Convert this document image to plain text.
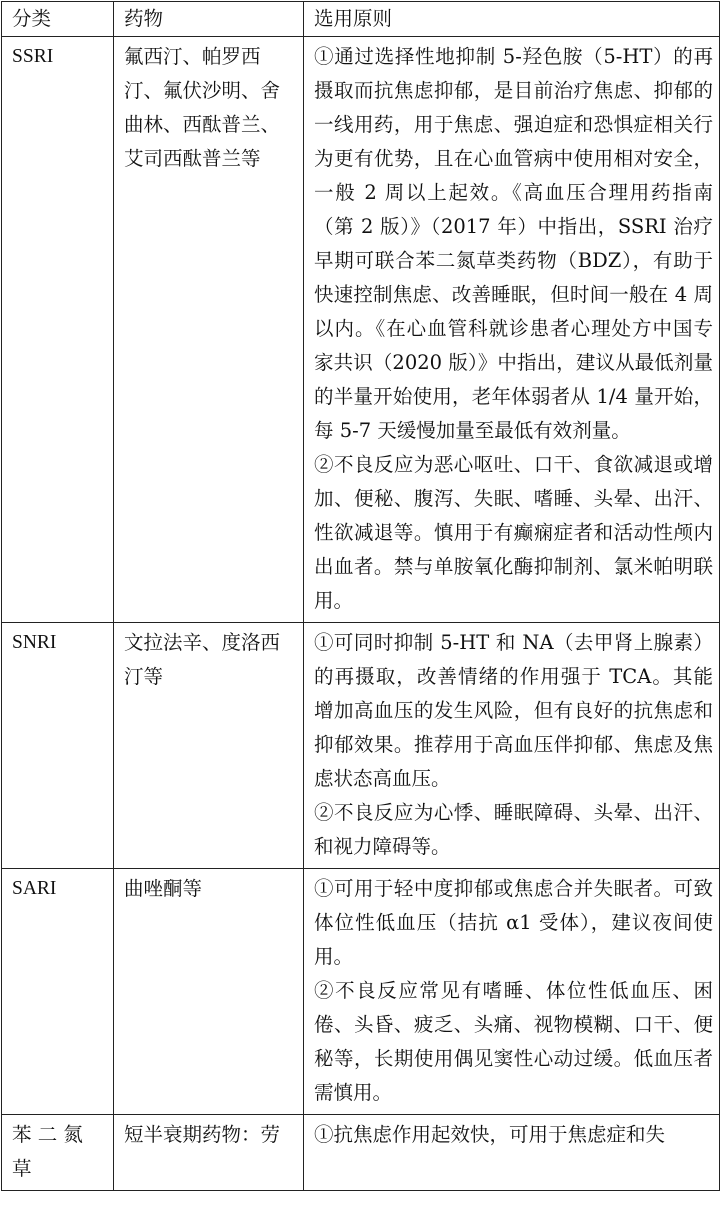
分类	药物	选用原则
SSRI	氟西汀、帕罗西汀、氟伏沙明、舍曲林、西酞普兰、艾司西酞普兰等	①通过选择性地抑制 5-羟色胺（5-HT）的再摄取而抗焦虑抑郁，是目前治疗焦虑、抑郁的一线用药，用于焦虑、强迫症和恐惧症相关行为更有优势，且在心血管病中使用相对安全，一般 2 周以上起效。《高血压合理用药指南（第 2 版）》（2017 年）中指出，SSRI 治疗早期可联合苯二氮草类药物（BDZ），有助于快速控制焦虑、改善睡眠，但时间一般在 4 周以内。《在心血管科就诊患者心理处方中国专家共识（2020 版）》中指出，建议从最低剂量的半量开始使用，老年体弱者从 1/4 量开始，每 5-7 天缓慢加量至最低有效剂量。
②不良反应为恶心呕吐、口干、食欲减退或增加、便秘、腹泻、失眠、嗜睡、头晕、出汗、性欲减退等。慎用于有癫痫症者和活动性颅内出血者。禁与单胺氧化酶抑制剂、氯米帕明联用。

SNRI	文拉法辛、度洛西汀等	①可同时抑制 5-HT 和 NA（去甲肾上腺素）的再摄取，改善情绪的作用强于 TCA。其能增加高血压的发生风险，但有良好的抗焦虑和抑郁效果。推荐用于高血压伴抑郁、焦虑及焦虑状态高血压。
②不良反应为心悸、睡眠障碍、头晕、出汗、和视力障碍等。

SARI	曲唑酮等	①可用于轻中度抑郁或焦虑合并失眠者。可致体位性低血压（拮抗 α1 受体），建议夜间使用。
②不良反应常见有嗜睡、体位性低血压、困倦、头昏、疲乏、头痛、视物模糊、口干、便秘等，长期使用偶见窦性心动过缓。低血压者需慎用。

苯 二 氮 草	短半衰期药物：劳	①抗焦虑作用起效快，可用于焦虑症和失
